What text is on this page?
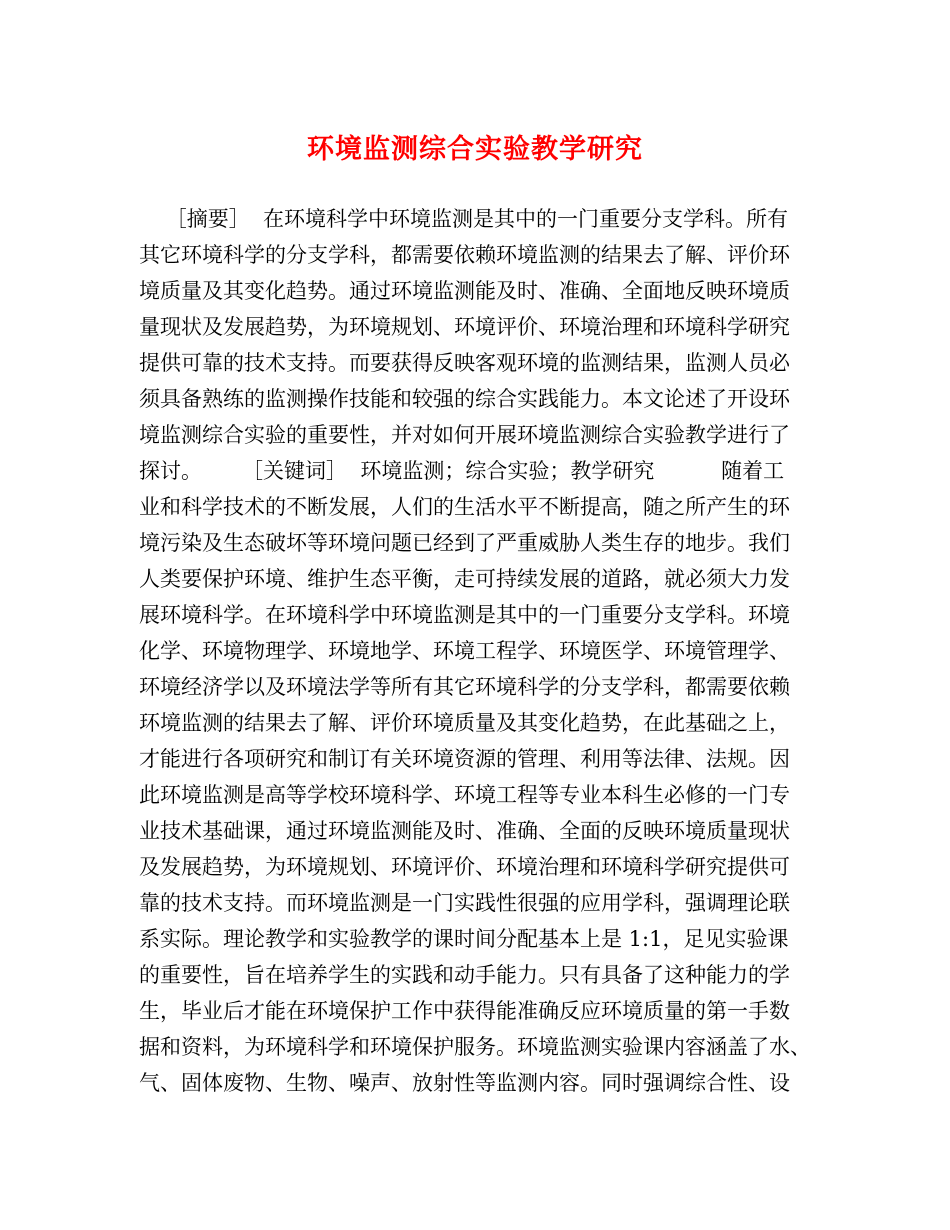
环境监测综合实验教学研究
［摘要］  在环境科学中环境监测是其中的一门重要分支学科。所有
其它环境科学的分支学科，都需要依赖环境监测的结果去了解、评价环
境质量及其变化趋势。通过环境监测能及时、准确、全面地反映环境质
量现状及发展趋势，为环境规划、环境评价、环境治理和环境科学研究
提供可靠的技术支持。而要获得反映客观环境的监测结果，监测人员必
须具备熟练的监测操作技能和较强的综合实践能力。本文论述了开设环
境监测综合实验的重要性，并对如何开展环境监测综合实验教学进行了
探讨。      ［关键词］  环境监测；综合实验；教学研究          随着工
业和科学技术的不断发展，人们的生活水平不断提高，随之所产生的环
境污染及生态破坏等环境问题已经到了严重威胁人类生存的地步。我们
人类要保护环境、维护生态平衡，走可持续发展的道路，就必须大力发
展环境科学。在环境科学中环境监测是其中的一门重要分支学科。环境
化学、环境物理学、环境地学、环境工程学、环境医学、环境管理学、
环境经济学以及环境法学等所有其它环境科学的分支学科，都需要依赖
环境监测的结果去了解、评价环境质量及其变化趋势，在此基础之上，
才能进行各项研究和制订有关环境资源的管理、利用等法律、法规。因
此环境监测是高等学校环境科学、环境工程等专业本科生必修的一门专
业技术基础课，通过环境监测能及时、准确、全面的反映环境质量现状
及发展趋势，为环境规划、环境评价、环境治理和环境科学研究提供可
靠的技术支持。而环境监测是一门实践性很强的应用学科，强调理论联
系实际。理论教学和实验教学的课时间分配基本上是 1:1，足见实验课
的重要性，旨在培养学生的实践和动手能力。只有具备了这种能力的学
生，毕业后才能在环境保护工作中获得能准确反应环境质量的第一手数
据和资料，为环境科学和环境保护服务。环境监测实验课内容涵盖了水、
气、固体废物、生物、噪声、放射性等监测内容。同时强调综合性、设
